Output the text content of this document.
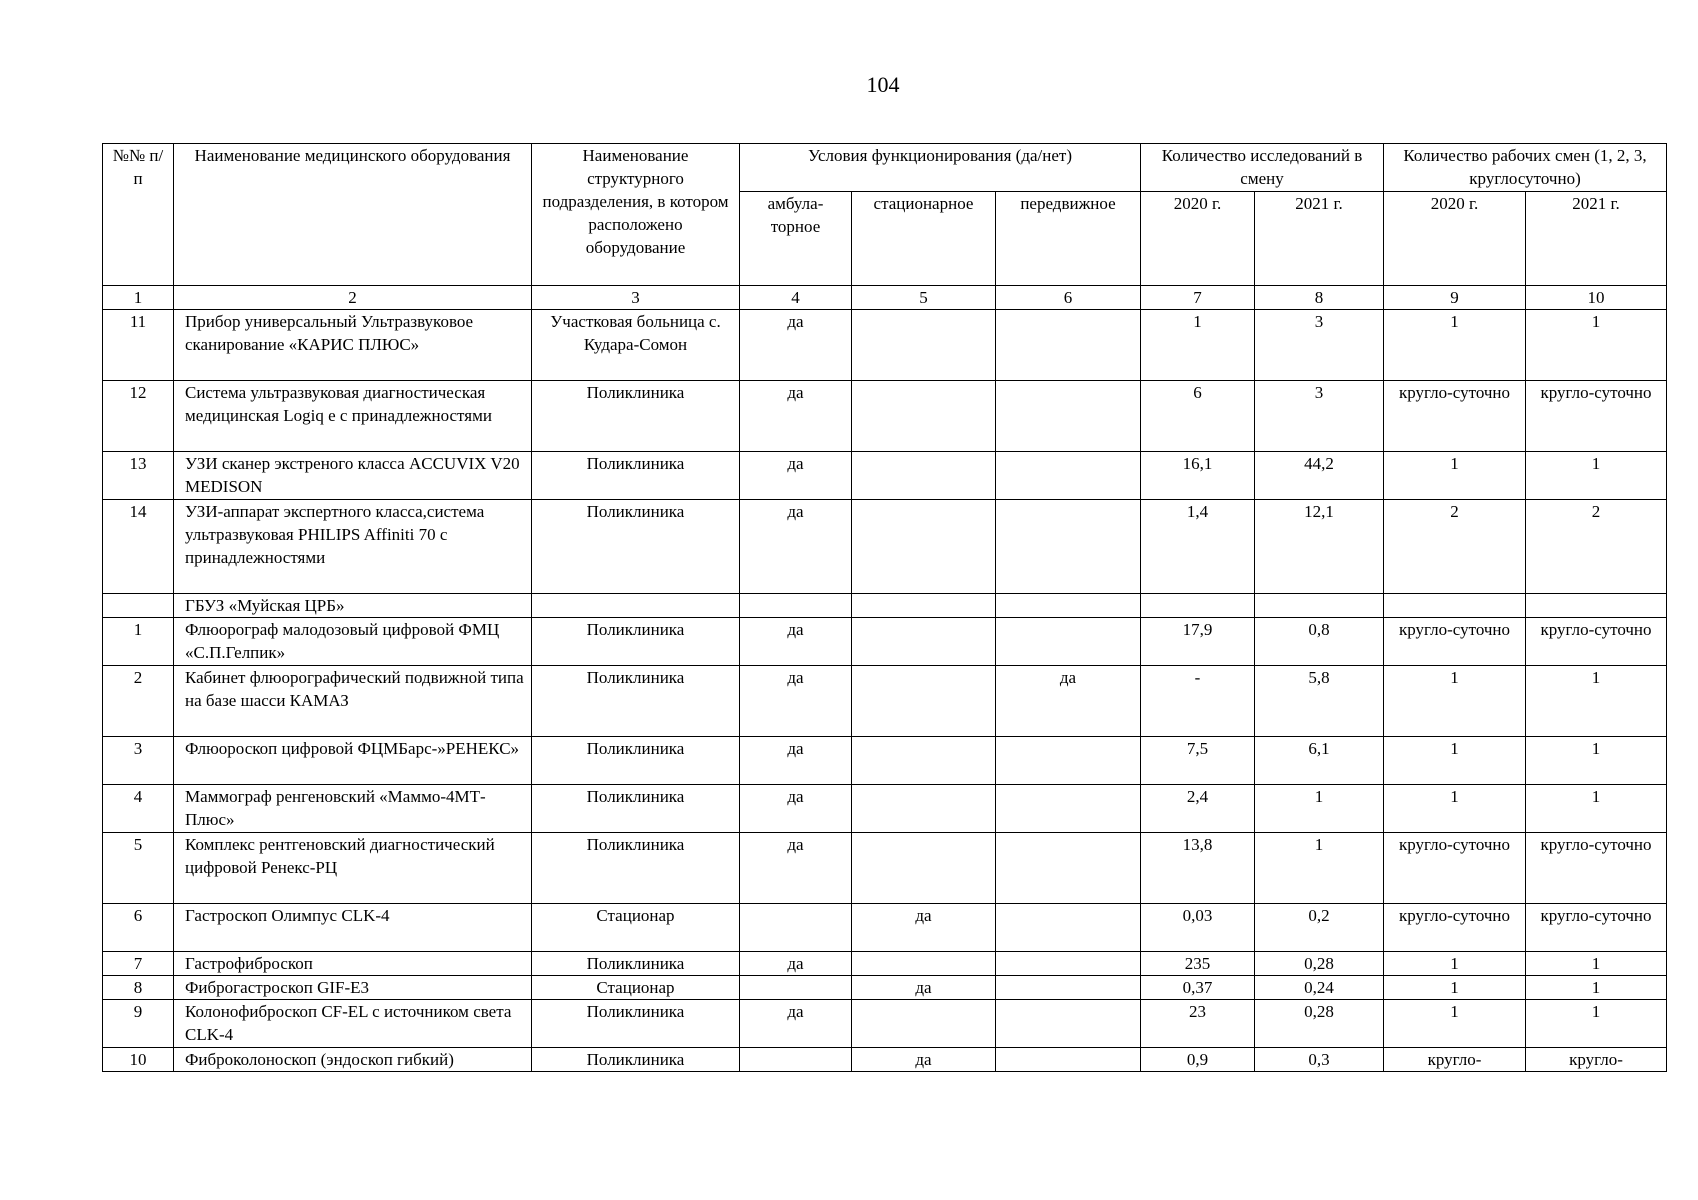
104
№№ п/п	Наименование медицинского оборудования	Наименование структурного подразделения, в котором расположено оборудование	Условия функционирования (да/нет)			Количество исследований в смену		Количество рабочих смен (1, 2, 3, круглосуточно)	
			амбула-торное	стационарное	передвижное	2020 г.	2021 г.	2020 г.	2021 г.
1	2	3	4	5	6	7	8	9	10
11	Прибор универсальный Ультразвуковое сканирование «КАРИС ПЛЮС»	Участковая больница с. Кудара-Сомон	да			1	3	1	1
12	Система ультразвуковая диагностическая медицинская Logiq e с принадлежностями	Поликлиника	да			6	3	кругло-суточно	кругло-суточно
13	УЗИ сканер экстреного класса ACCUVIX V20 MEDISON	Поликлиника	да			16,1	44,2	1	1
14	УЗИ-аппарат экспертного класса,система ультразвуковая PHILIPS Affiniti 70 с принадлежностями	Поликлиника	да			1,4	12,1	2	2
	ГБУЗ «Муйская ЦРБ»								
1	Флюорограф малодозовый цифровой ФМЦ «С.П.Гелпик»	Поликлиника	да			17,9	0,8	кругло-суточно	кругло-суточно
2	Кабинет флюорографический подвижной типа на базе шасси КАМАЗ	Поликлиника	да		да	-	5,8	1	1
3	Флюороскоп цифровой ФЦМБарс-»РЕНЕКС»	Поликлиника	да			7,5	6,1	1	1
4	Маммограф ренгеновский «Маммо-4МТ-Плюс»	Поликлиника	да			2,4	1	1	1
5	Комплекс рентгеновский диагностический цифровой Ренекс-РЦ	Поликлиника	да			13,8	1	кругло-суточно	кругло-суточно
6	Гастроскоп Олимпус CLK-4	Стационар		да		0,03	0,2	кругло-суточно	кругло-суточно
7	Гастрофиброскоп	Поликлиника	да			235	0,28	1	1
8	Фиброгастроскоп GIF-E3	Стационар		да		0,37	0,24	1	1
9	Колонофиброскоп CF-EL с источником света CLK-4	Поликлиника	да			23	0,28	1	1
10	Фиброколоноскоп (эндоскоп гибкий)	Поликлиника		да		0,9	0,3	кругло-	кругло-
